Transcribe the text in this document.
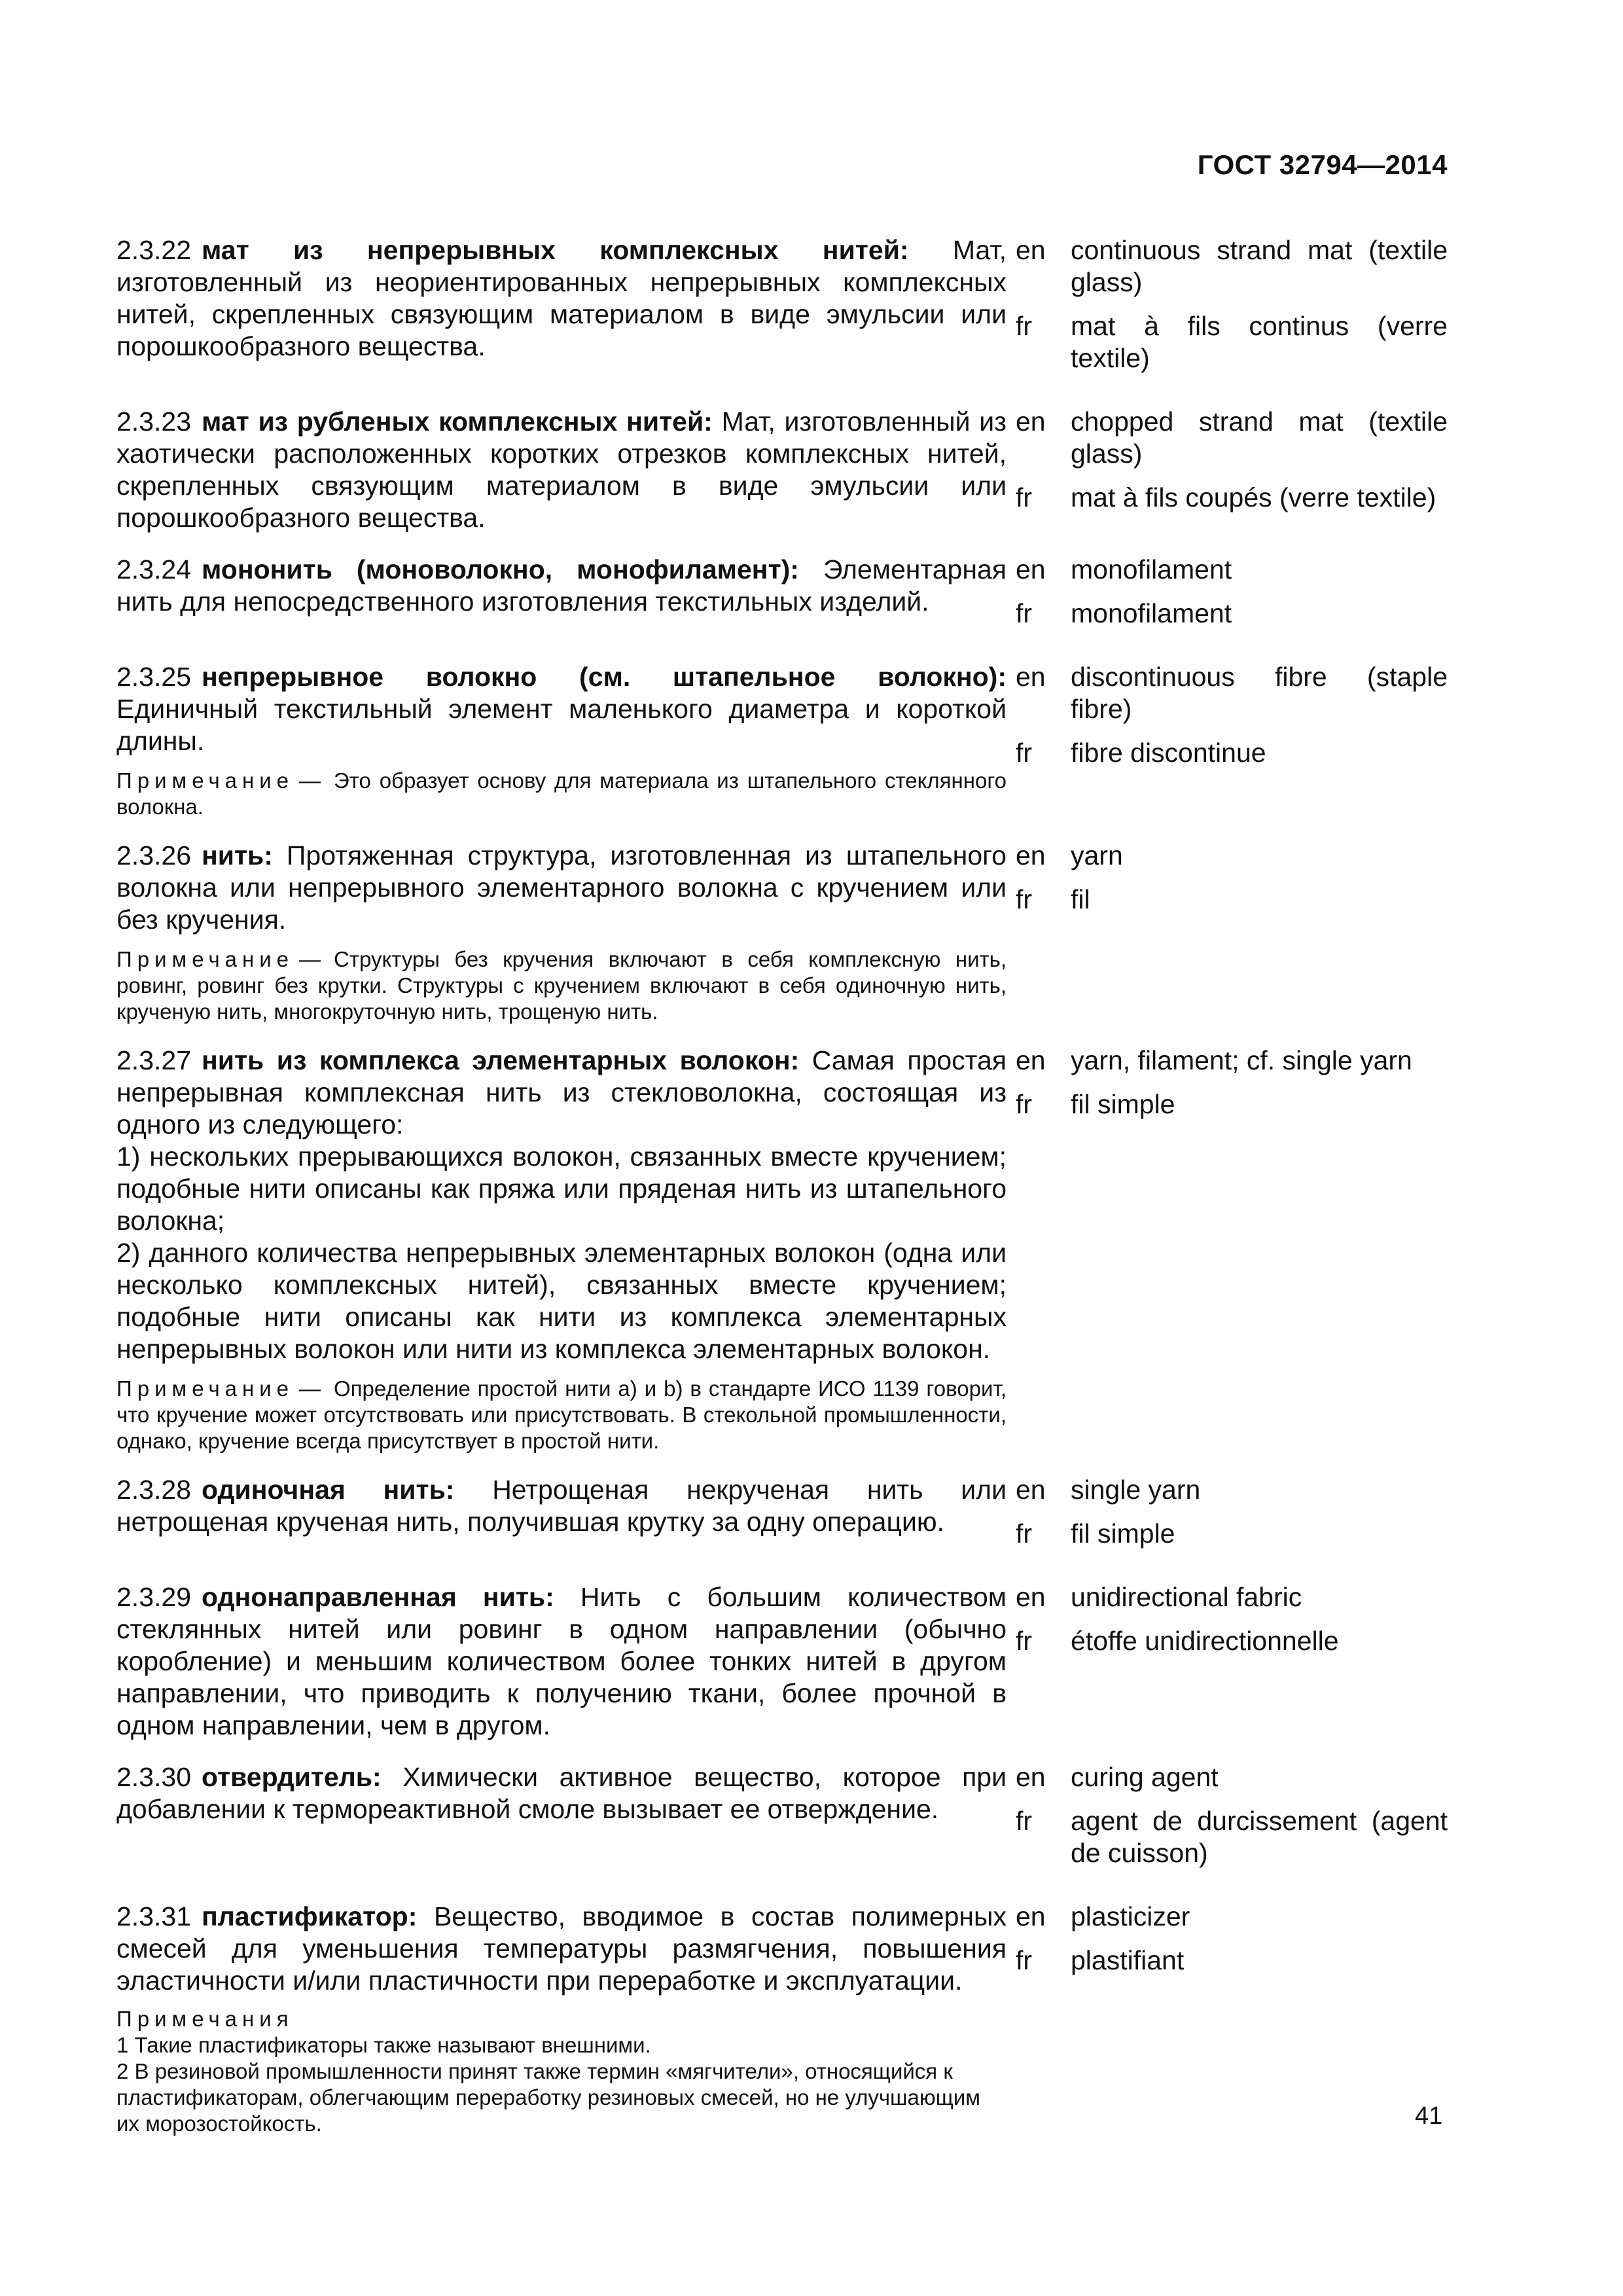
ГОСТ 32794—2014
2.3.22 мат из непрерывных комплексных нитей: Мат, изготовленный из неориентированных непрерывных комплексных нитей, скрепленных связующим материалом в виде эмульсии или порошкообразного вещества.
en continuous strand mat (textile glass)
fr	mat à fils continus (verre textile)
2.3.23 мат из рубленых комплексных нитей: Мат, изготовленный из хаотически расположенных коротких отрезков комплексных нитей, скрепленных связующим материалом в виде эмульсии или порошкообразного вещества.
en chopped strand mat (textile glass)
fr	mat à fils coupés (verre textile)
2.3.24 мононить (моноволокно, монофиламент): Элементарная нить для непосредственного изготовления текстильных изделий.
en monofilament
fr	monofilament
2.3.25 непрерывное волокно (см. штапельное волокно): Единичный текстильный элемент маленького диаметра и короткой длины.
Примечание — Это образует основу для материала из штапельного стеклянного волокна.
en discontinuous fibre (staple fibre)
fr	fibre discontinue
2.3.26 нить: Протяженная структура, изготовленная из штапельного волокна или непрерывного элементарного волокна с кручением или без кручения.
Примечание — Структуры без кручения включают в себя комплексную нить, ровинг, ровинг без крутки. Структуры с кручением включают в себя одиночную нить, крученую нить, многокруточную нить, трощеную нить.
en yarn
fr	fil
2.3.27 нить из комплекса элементарных волокон: Самая простая непрерывная комплексная нить из стекловолокна, состоящая из одного из следующего:
1) нескольких прерывающихся волокон, связанных вместе кручением; подобные нити описаны как пряжа или пряденая нить из штапельного волокна;
2) данного количества непрерывных элементарных волокон (одна или несколько комплексных нитей), связанных вместе кручением; подобные нити описаны как нити из комплекса элементарных непрерывных волокон или нити из комплекса элементарных волокон.
Примечание — Определение простой нити а) и b) в стандарте ИСО 1139 говорит, что кручение может отсутствовать или присутствовать. В стекольной промышленности, однако, кручение всегда присутствует в простой нити.
en yarn, filament; cf. single yarn
fr	fil simple
2.3.28 одиночная нить: Нетрощеная некрученая нить или нетрощеная крученая нить, получившая крутку за одну операцию.
en single yarn
fr	fil simple
2.3.29 однонаправленная нить: Нить с большим количеством стеклянных нитей или ровинг в одном направлении (обычно коробление) и меньшим количеством более тонких нитей в другом направлении, что приводить к получению ткани, более прочной в одном направлении, чем в другом.
en unidirectional fabric
fr	étoffe unidirectionnelle
2.3.30 отвердитель: Химически активное вещество, которое при добавлении к термореактивной смоле вызывает ее отверждение.
en curing agent
fr	agent de durcissement (agent de cuisson)
2.3.31 пластификатор: Вещество, вводимое в состав полимерных смесей для уменьшения температуры размягчения, повышения эластичности и/или пластичности при переработке и эксплуатации.
Примечания
1 Такие пластификаторы также называют внешними.
2 В резиновой промышленности принят также термин «мягчители», относящийся к пластификаторам, облегчающим переработку резиновых смесей, но не улучшающим их морозостойкость.
en plasticizer
fr	plastifiant
41
